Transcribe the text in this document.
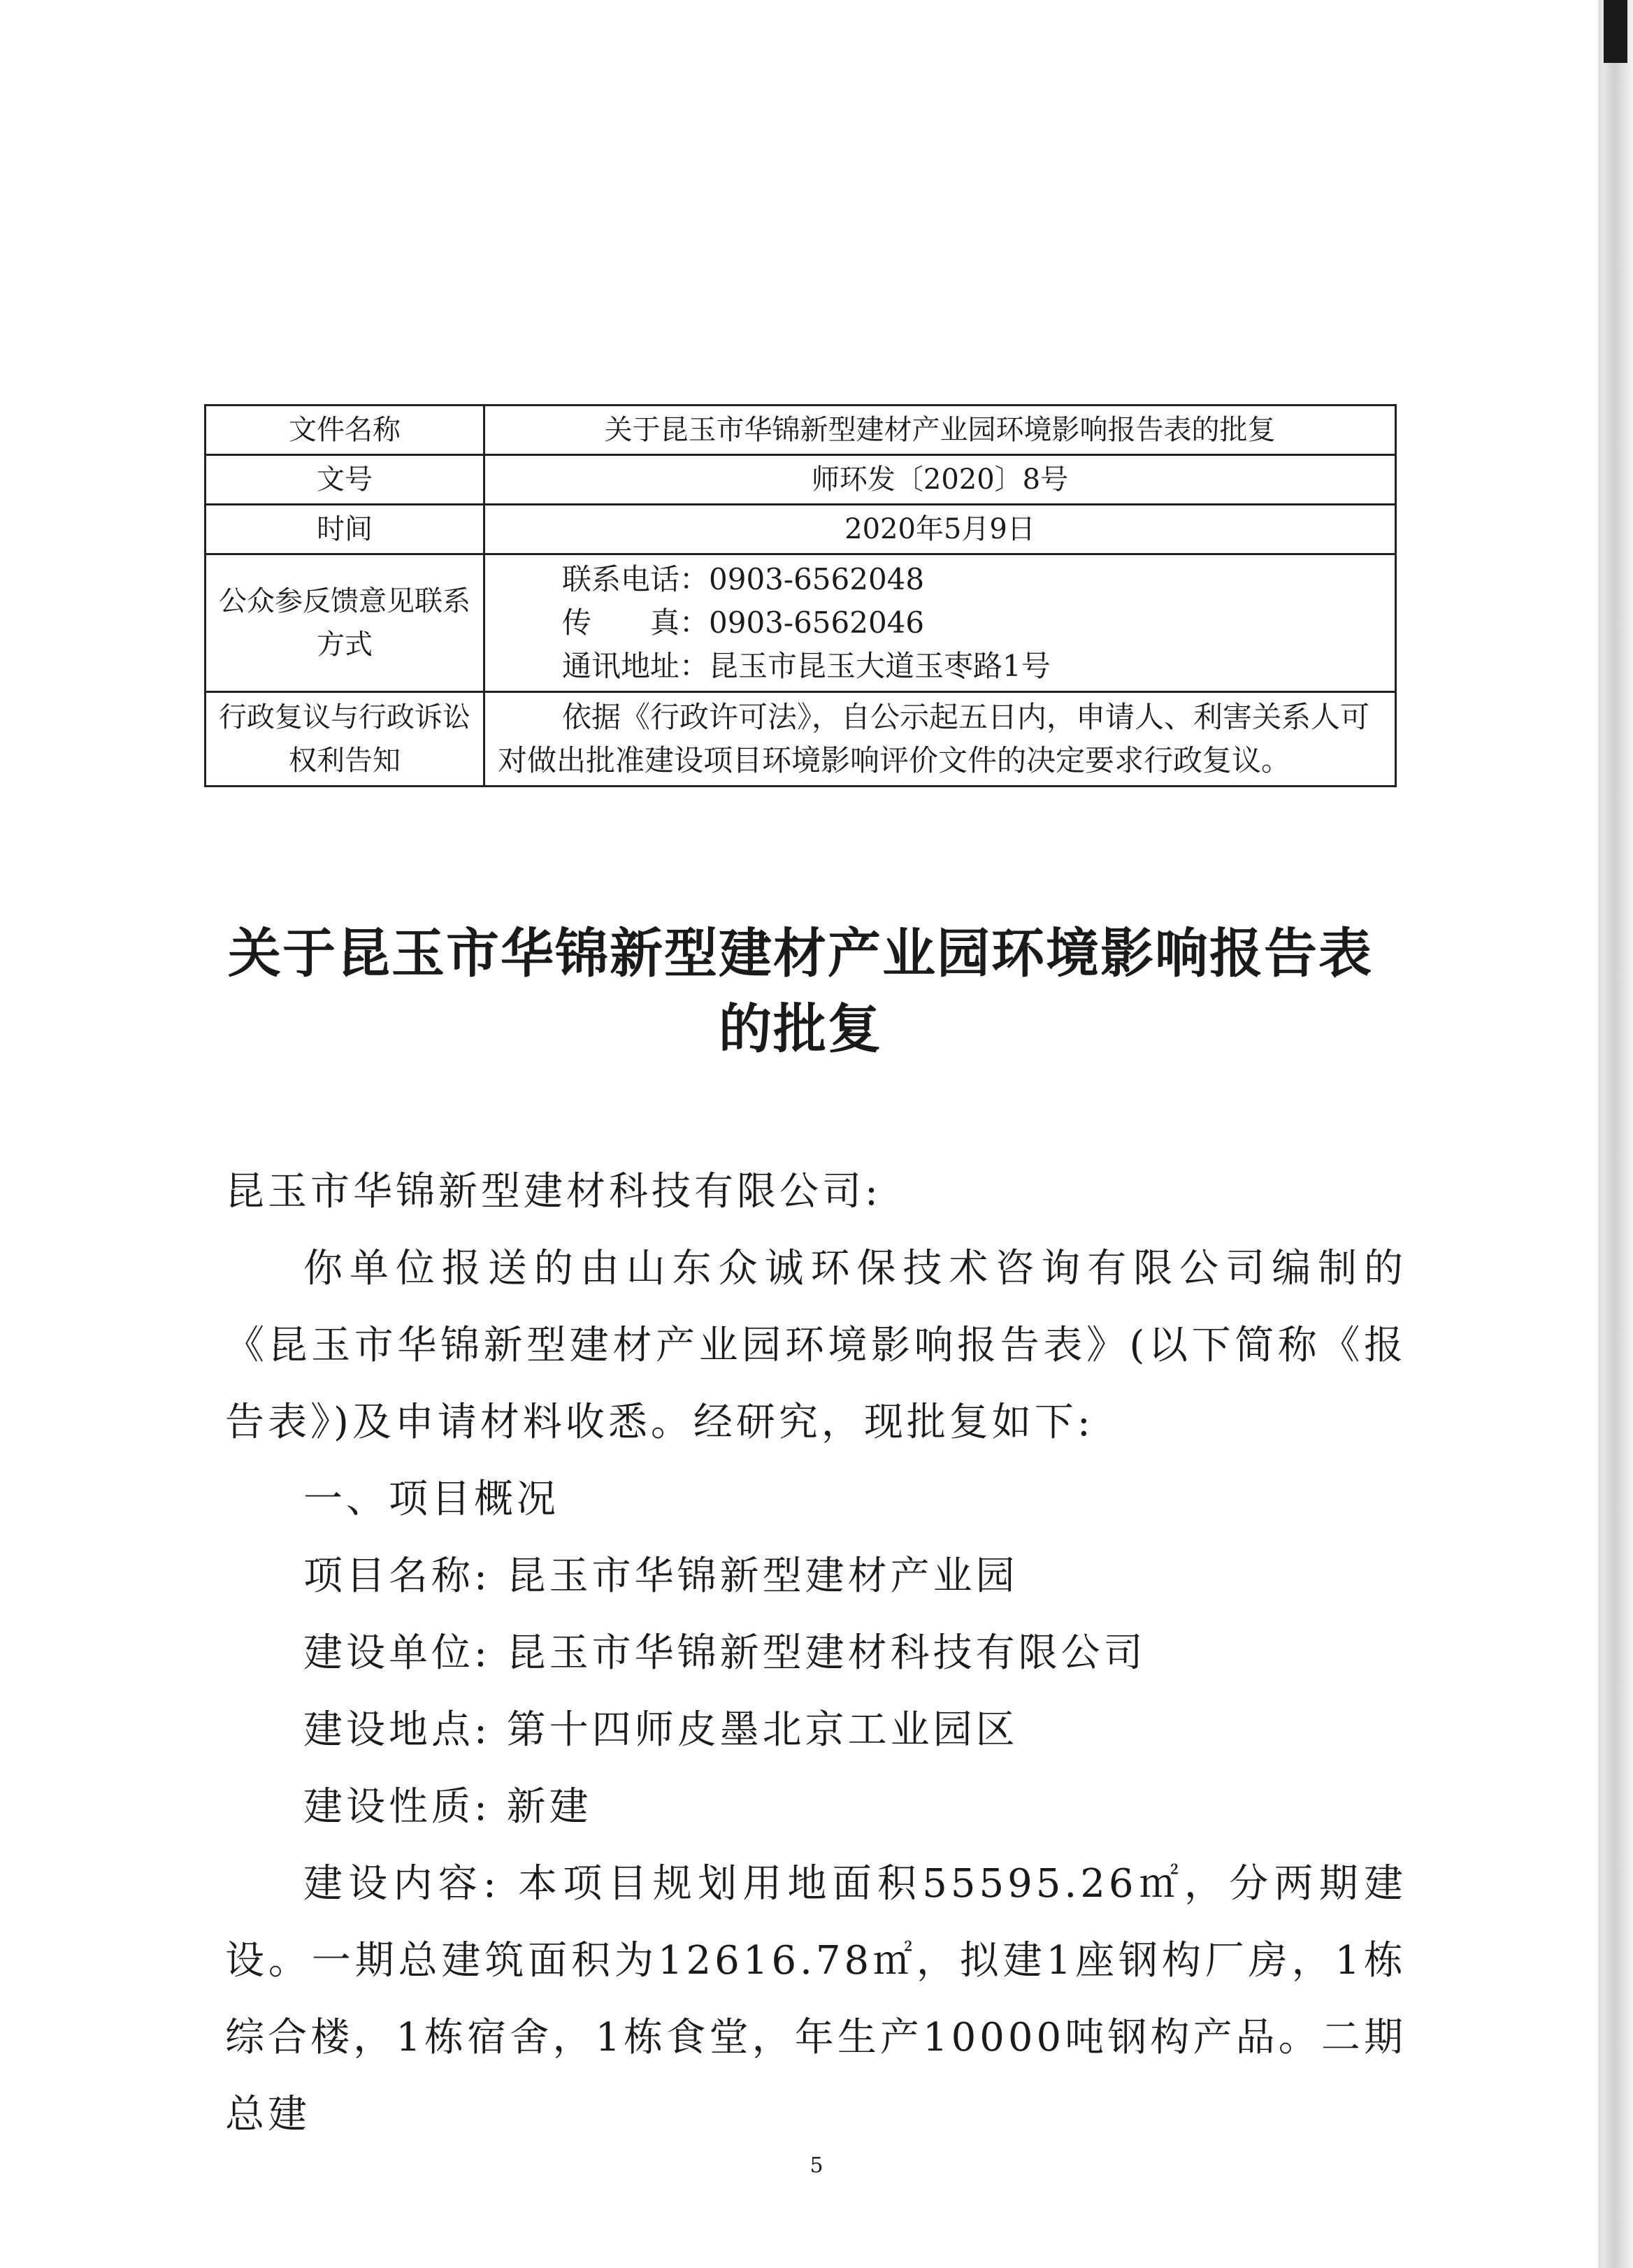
文件名称	关于昆玉市华锦新型建材产业园环境影响报告表的批复
文号	师环发〔2020〕8号
时间	2020年5月9日
公众参反馈意见联系方式	联系电话：0903-6562048
传　　真：0903-6562046
通讯地址：昆玉市昆玉大道玉枣路1号

行政复议与行政诉讼权利告知	依据《行政许可法》，自公示起五日内，申请人、利害关系人可对做出批准建设项目环境影响评价文件的决定要求行政复议。
关于昆玉市华锦新型建材产业园环境影响报告表的批复

昆玉市华锦新型建材科技有限公司:

你单位报送的由山东众诚环保技术咨询有限公司编制的《昆玉市华锦新型建材产业园环境影响报告表》(以下简称《报告表》)及申请材料收悉。经研究，现批复如下:

一、项目概况

项目名称: 昆玉市华锦新型建材产业园

建设单位: 昆玉市华锦新型建材科技有限公司

建设地点: 第十四师皮墨北京工业园区

建设性质: 新建

建设内容: 本项目规划用地面积55595.26㎡，分两期建设。一期总建筑面积为12616.78㎡，拟建1座钢构厂房，1栋综合楼，1栋宿舍，1栋食堂，年生产10000吨钢构产品。二期总建

5
